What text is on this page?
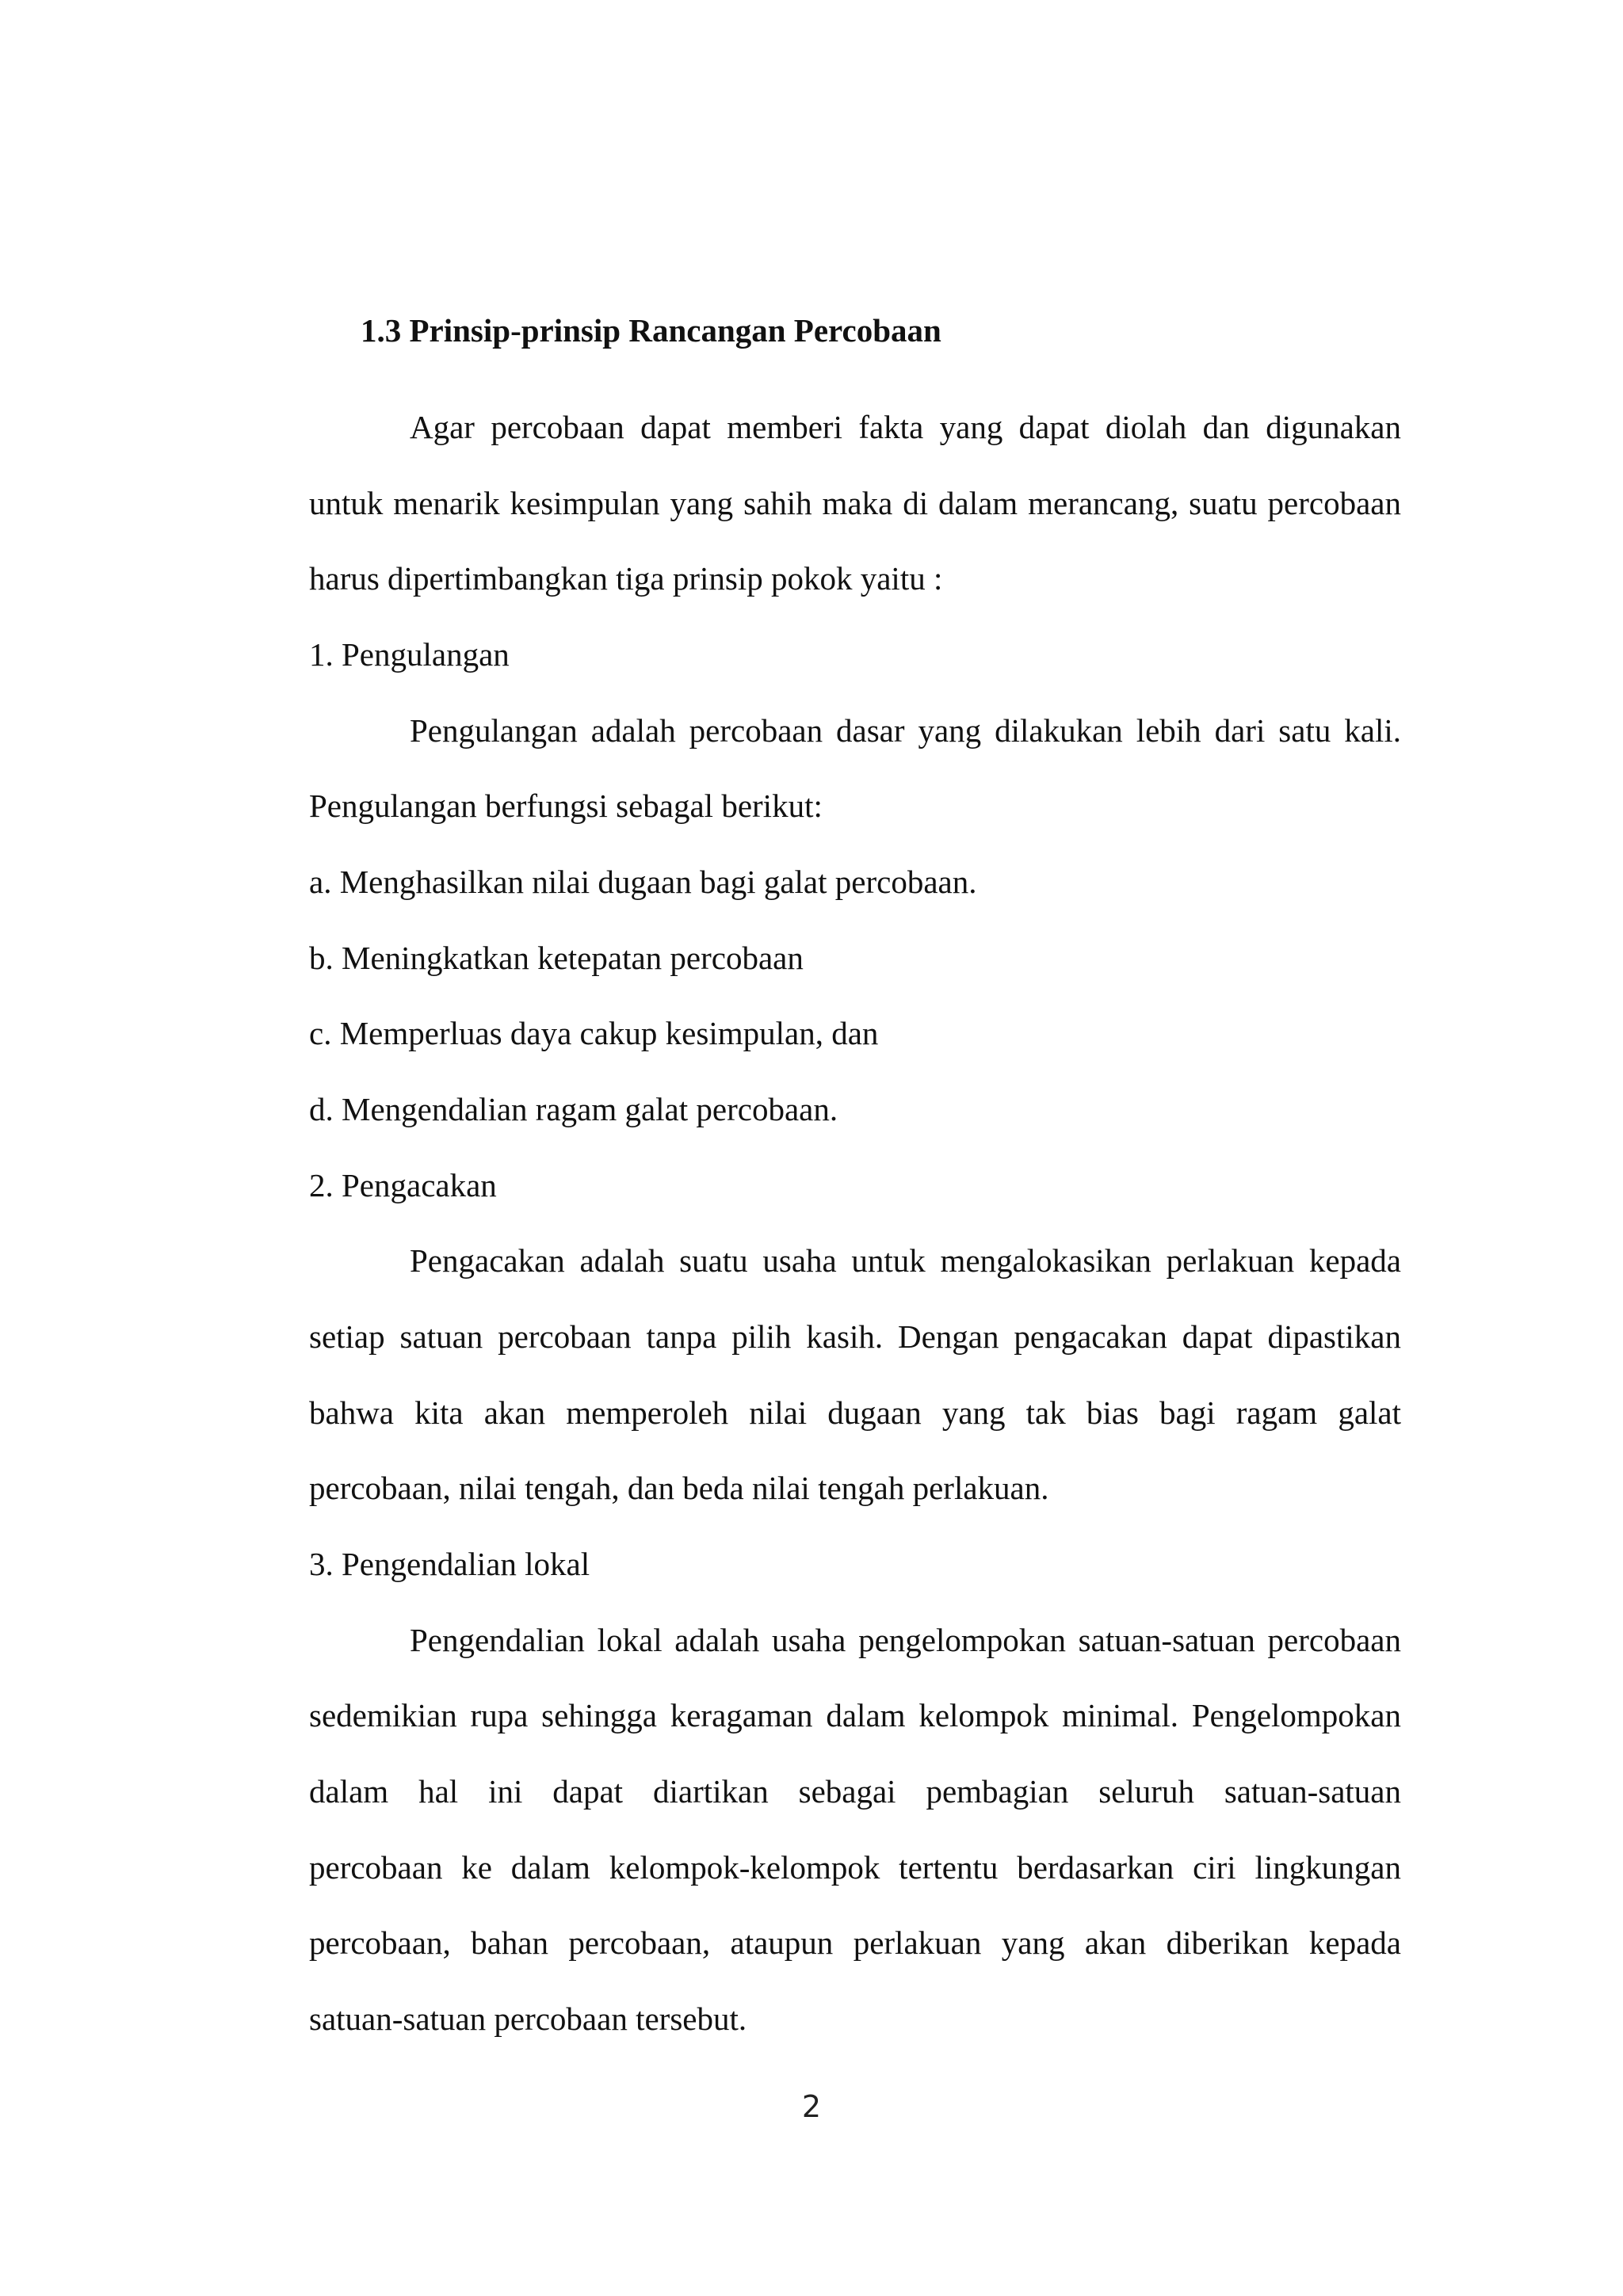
1.3 Prinsip-prinsip Rancangan Percobaan
Agar percobaan dapat memberi fakta yang dapat diolah dan digunakan
untuk menarik kesimpulan yang sahih maka di dalam merancang, suatu percobaan
harus dipertimbangkan tiga prinsip pokok yaitu :
1. Pengulangan
Pengulangan adalah percobaan dasar yang dilakukan lebih dari satu kali.
Pengulangan berfungsi sebagal berikut:
a. Menghasilkan nilai dugaan bagi galat percobaan.
b. Meningkatkan ketepatan percobaan
c. Memperluas daya cakup kesimpulan, dan
d. Mengendalian ragam galat percobaan.
2. Pengacakan
Pengacakan adalah suatu usaha untuk mengalokasikan perlakuan kepada
setiap satuan percobaan tanpa pilih kasih. Dengan pengacakan dapat dipastikan
bahwa kita akan memperoleh nilai dugaan yang tak bias bagi ragam galat
percobaan, nilai tengah, dan beda nilai tengah perlakuan.
3. Pengendalian lokal
Pengendalian lokal adalah usaha pengelompokan satuan-satuan percobaan
sedemikian rupa sehingga keragaman dalam kelompok minimal. Pengelompokan
dalam hal ini dapat diartikan sebagai pembagian seluruh satuan-satuan
percobaan ke dalam kelompok-kelompok tertentu berdasarkan ciri lingkungan
percobaan, bahan percobaan, ataupun perlakuan yang akan diberikan kepada
satuan-satuan percobaan tersebut.
2
